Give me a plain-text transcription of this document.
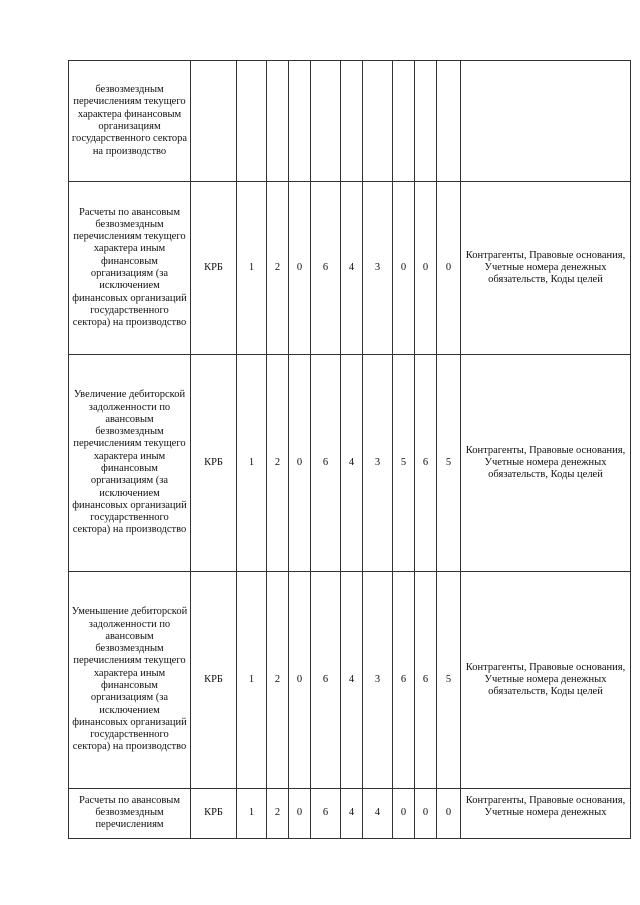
безвозмездным перечислениям текущего характера финансовым организациям государственного сектора на производство											
Расчеты по авансовым безвозмездным перечислениям текущего характера иным финансовым организациям (за исключением финансовых организаций государственного сектора) на производство	КРБ	1	2	0	6	4	3	0	0	0	Контрагенты, Правовые основания, Учетные номера денежных обязательств, Коды целей
Увеличение дебиторской задолженности по авансовым безвозмездным перечислениям текущего характера иным финансовым организациям (за исключением финансовых организаций государственного сектора) на производство	КРБ	1	2	0	6	4	3	5	6	5	Контрагенты, Правовые основания, Учетные номера денежных обязательств, Коды целей
Уменьшение дебиторской задолженности по авансовым безвозмездным перечислениям текущего характера иным финансовым организациям (за исключением финансовых организаций государственного сектора) на производство	КРБ	1	2	0	6	4	3	6	6	5	Контрагенты, Правовые основания, Учетные номера денежных обязательств, Коды целей

Расчеты по авансовым безвозмездным перечислениям	КРБ	1	2	0	6	4	4	0	0	0	Контрагенты, Правовые основания, Учетные номера денежных
